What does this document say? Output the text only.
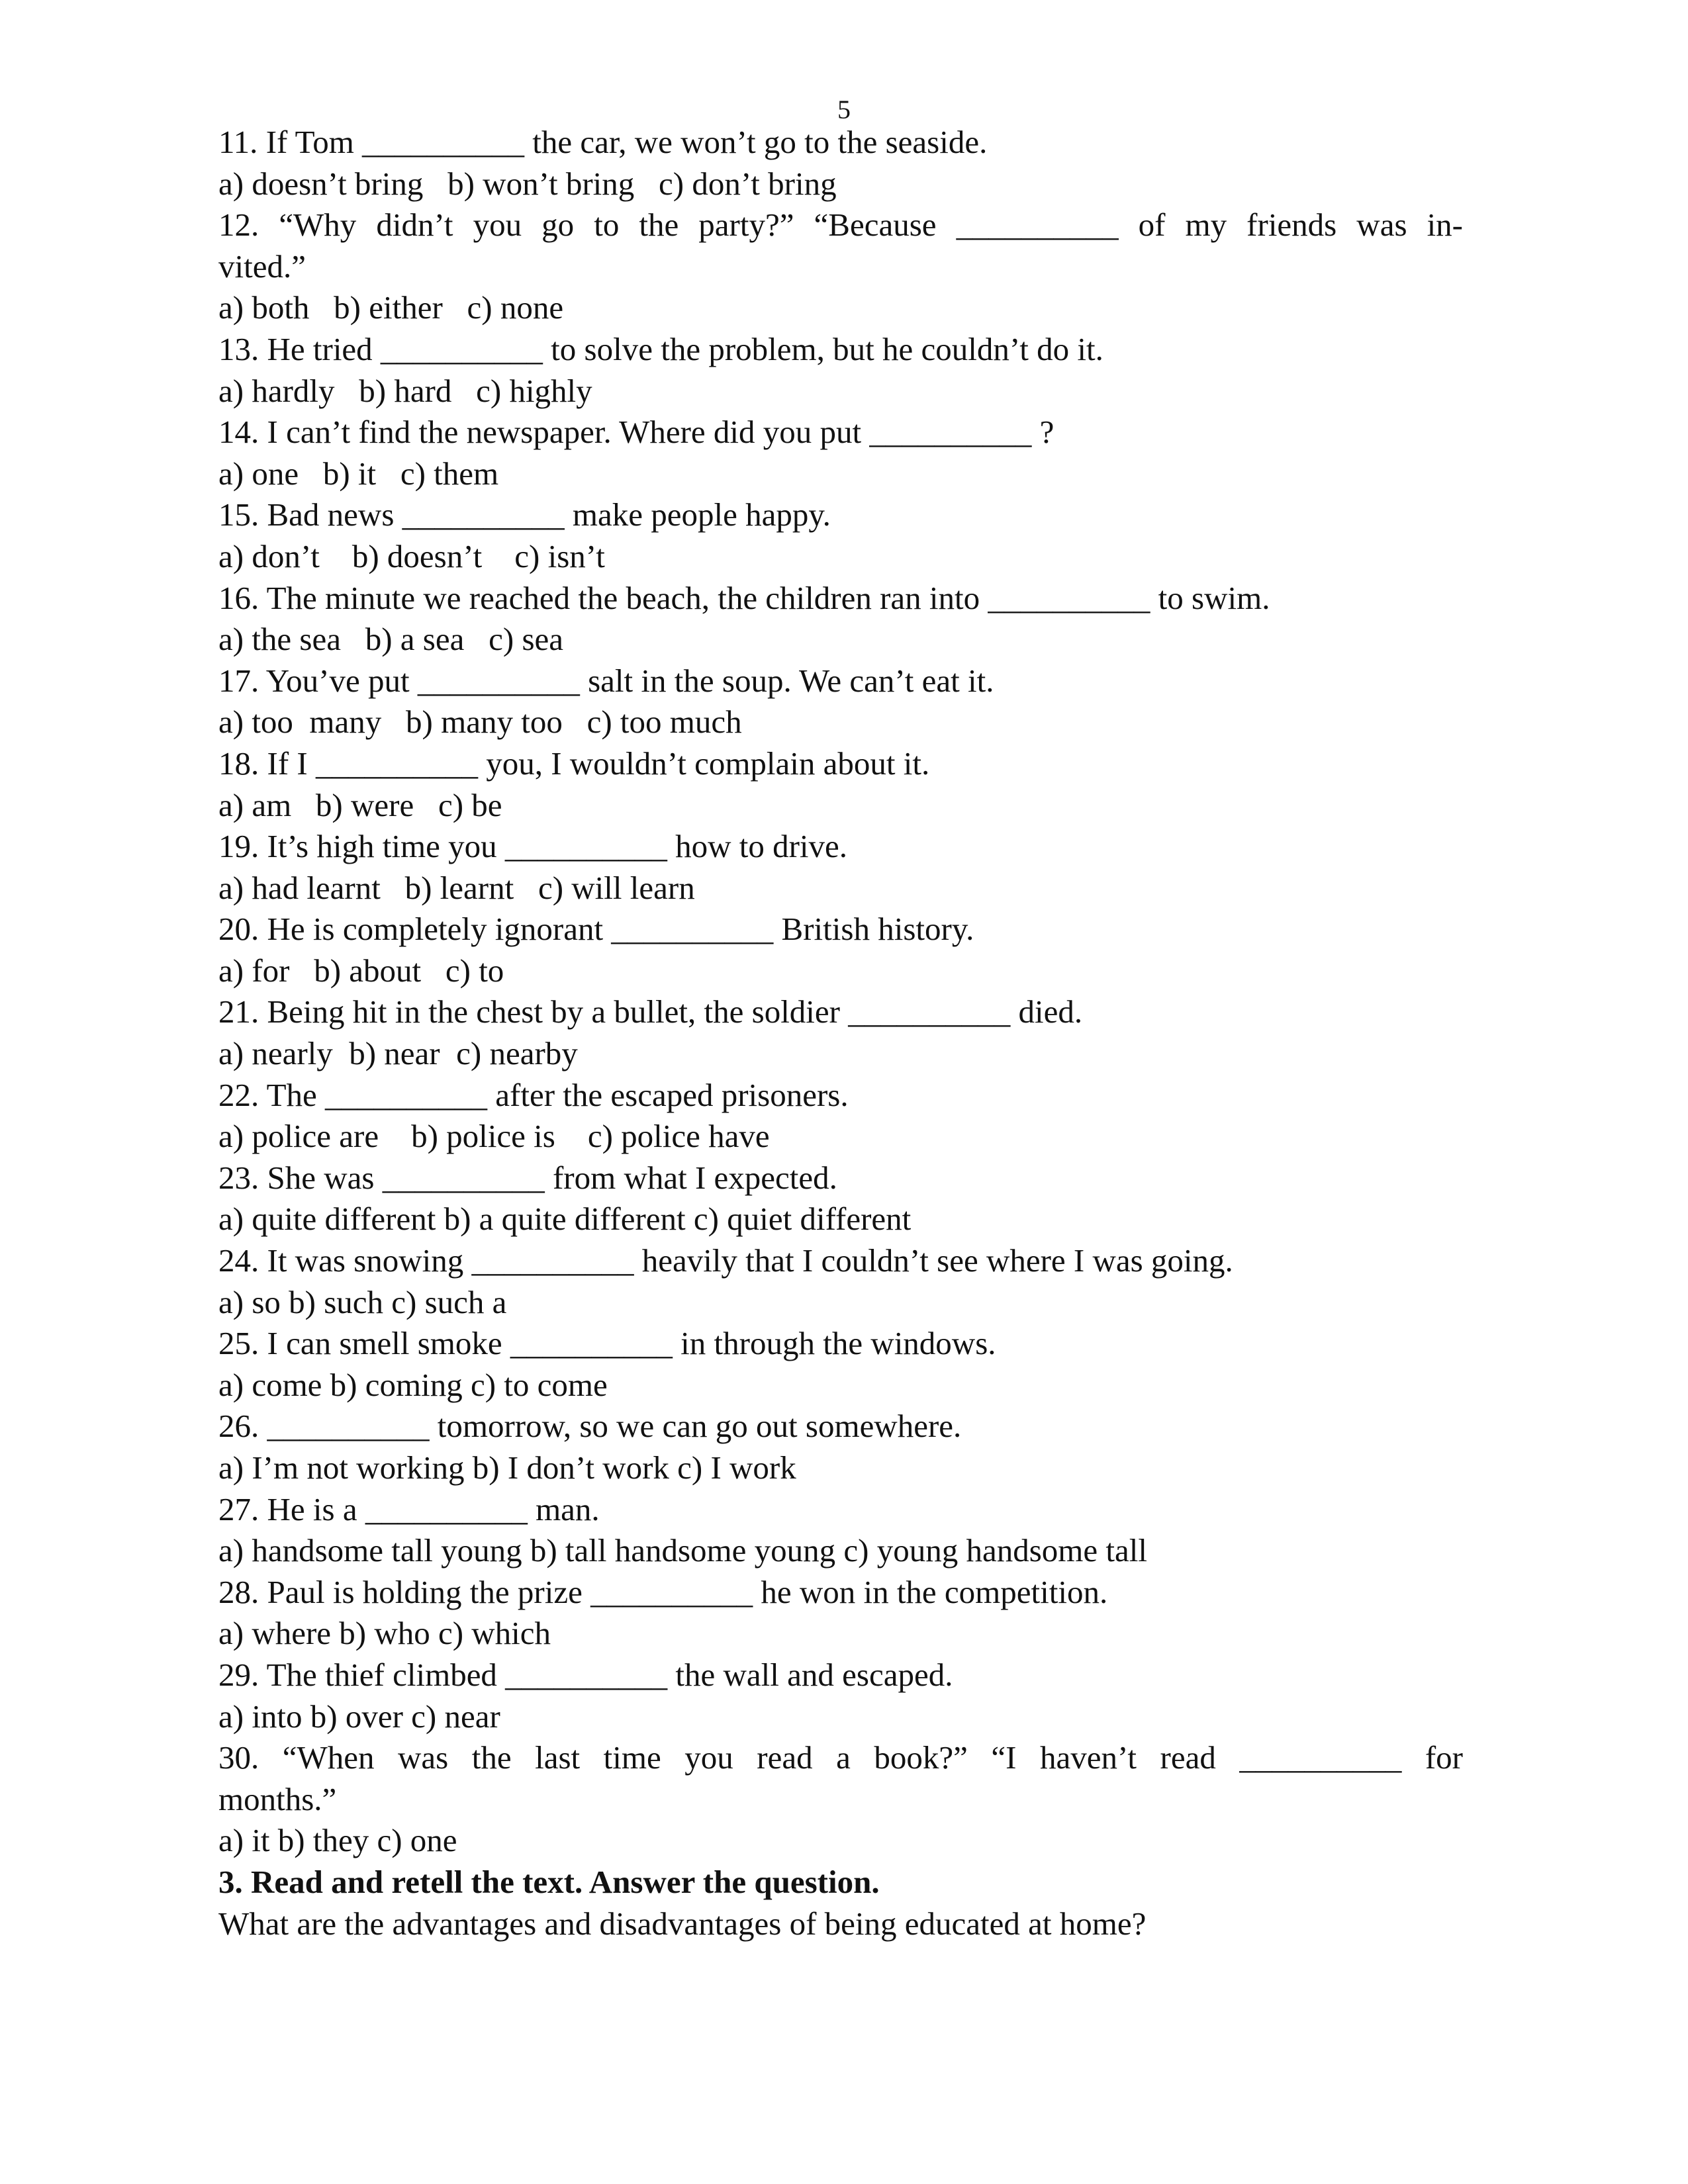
5
11. If Tom __________ the car, we won’t go to the seaside.
a) doesn’t bring   b) won’t bring   c) don’t bring
12. “Why didn’t you go to the party?” “Because __________ of my friends was in-
vited.”
a) both   b) either   c) none
13. He tried __________ to solve the problem, but he couldn’t do it.
a) hardly   b) hard   c) highly
14. I can’t find the newspaper. Where did you put __________ ?
a) one   b) it   c) them
15. Bad news __________ make people happy.
a) don’t    b) doesn’t    c) isn’t
16. The minute we reached the beach, the children ran into __________ to swim.
a) the sea   b) a sea   c) sea
17. You’ve put __________ salt in the soup. We can’t eat it.
a) too  many   b) many too   c) too much
18. If I __________ you, I wouldn’t complain about it.
a) am   b) were   c) be
19. It’s high time you __________ how to drive.
a) had learnt   b) learnt   c) will learn
20. He is completely ignorant __________ British history.
a) for   b) about   c) to
21. Being hit in the chest by a bullet, the soldier __________ died.
a) nearly  b) near  c) nearby
22. The __________ after the escaped prisoners.
a) police are    b) police is    c) police have
23. She was __________ from what I expected.
a) quite different b) a quite different c) quiet different
24. It was snowing __________ heavily that I couldn’t see where I was going.
a) so b) such c) such a
25. I can smell smoke __________ in through the windows.
a) come b) coming c) to come
26. __________ tomorrow, so we can go out somewhere.
a) I’m not working b) I don’t work c) I work
27. He is a __________ man.
a) handsome tall young b) tall handsome young c) young handsome tall
28. Paul is holding the prize __________ he won in the competition.
a) where b) who c) which
29. The thief climbed __________ the wall and escaped.
a) into b) over c) near
30. “When was the last time you read a book?” “I haven’t read __________ for
months.”
a) it b) they c) one
3. Read and retell the text. Answer the question.
What are the advantages and disadvantages of being educated at home?
